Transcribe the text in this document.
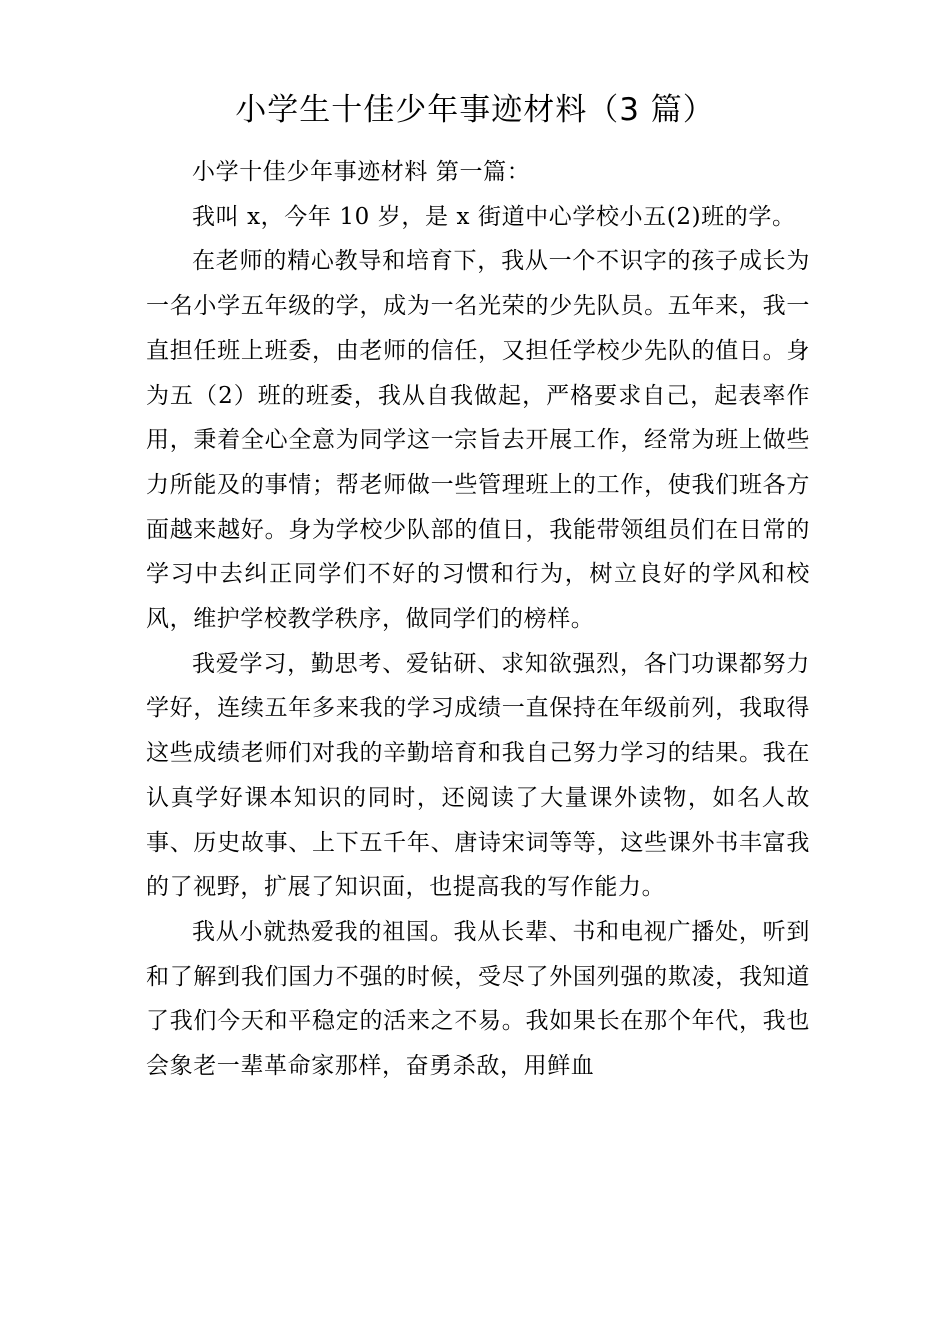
小学生十佳少年事迹材料（3 篇）

小学十佳少年事迹材料 第一篇：

我叫 x，今年 10 岁，是 x 街道中心学校小五(2)班的学。

在老师的精心教导和培育下，我从一个不识字的孩子成长为一名小学五年级的学，成为一名光荣的少先队员。五年来，我一直担任班上班委，由老师的信任，又担任学校少先队的值日。身为五（2）班的班委，我从自我做起，严格要求自己，起表率作用，秉着全心全意为同学这一宗旨去开展工作，经常为班上做些力所能及的事情；帮老师做一些管理班上的工作，使我们班各方面越来越好。身为学校少队部的值日，我能带领组员们在日常的学习中去纠正同学们不好的习惯和行为，树立良好的学风和校风，维护学校教学秩序，做同学们的榜样。

我爱学习，勤思考、爱钻研、求知欲强烈，各门功课都努力学好，连续五年多来我的学习成绩一直保持在年级前列，我取得这些成绩老师们对我的辛勤培育和我自己努力学习的结果。我在认真学好课本知识的同时，还阅读了大量课外读物，如名人故事、历史故事、上下五千年、唐诗宋词等等，这些课外书丰富我的了视野，扩展了知识面，也提高我的写作能力。

我从小就热爱我的祖国。我从长辈、书和电视广播处，听到和了解到我们国力不强的时候，受尽了外国列强的欺凌，我知道了我们今天和平稳定的活来之不易。我如果长在那个年代，我也会象老一辈革命家那样，奋勇杀敌，用鲜血
